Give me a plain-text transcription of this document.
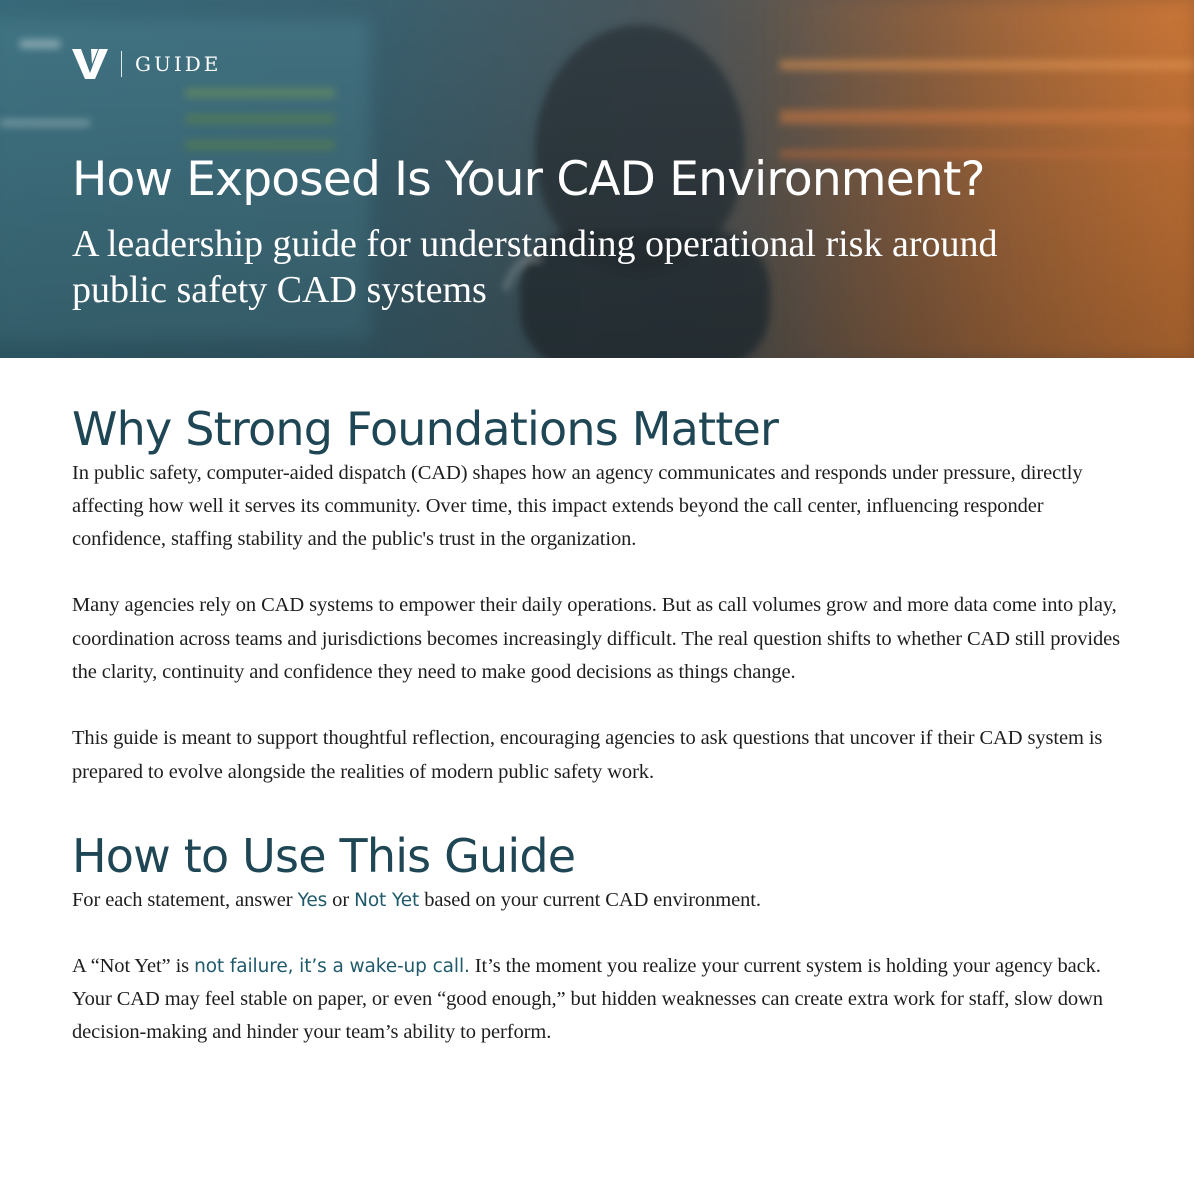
GUIDE
How Exposed Is Your CAD Environment?

A leadership guide for understanding operational risk around public safety CAD systems

Why Strong Foundations Matter

In public safety, computer-aided dispatch (CAD) shapes how an agency communicates and responds under pressure, directly affecting how well it serves its community. Over time, this impact extends beyond the call center, influencing responder confidence, staffing stability and the public's trust in the organization.

Many agencies rely on CAD systems to empower their daily operations. But as call volumes grow and more data come into play, coordination across teams and jurisdictions becomes increasingly difficult. The real question shifts to whether CAD still provides the clarity, continuity and confidence they need to make good decisions as things change.

This guide is meant to support thoughtful reflection, encouraging agencies to ask questions that uncover if their CAD system is prepared to evolve alongside the realities of modern public safety work.

How to Use This Guide

For each statement, answer Yes or Not Yet based on your current CAD environment.

A “Not Yet” is not failure, it’s a wake-up call. It’s the moment you realize your current system is holding your agency back. Your CAD may feel stable on paper, or even “good enough,” but hidden weaknesses can create extra work for staff, slow down decision-making and hinder your team’s ability to perform.
